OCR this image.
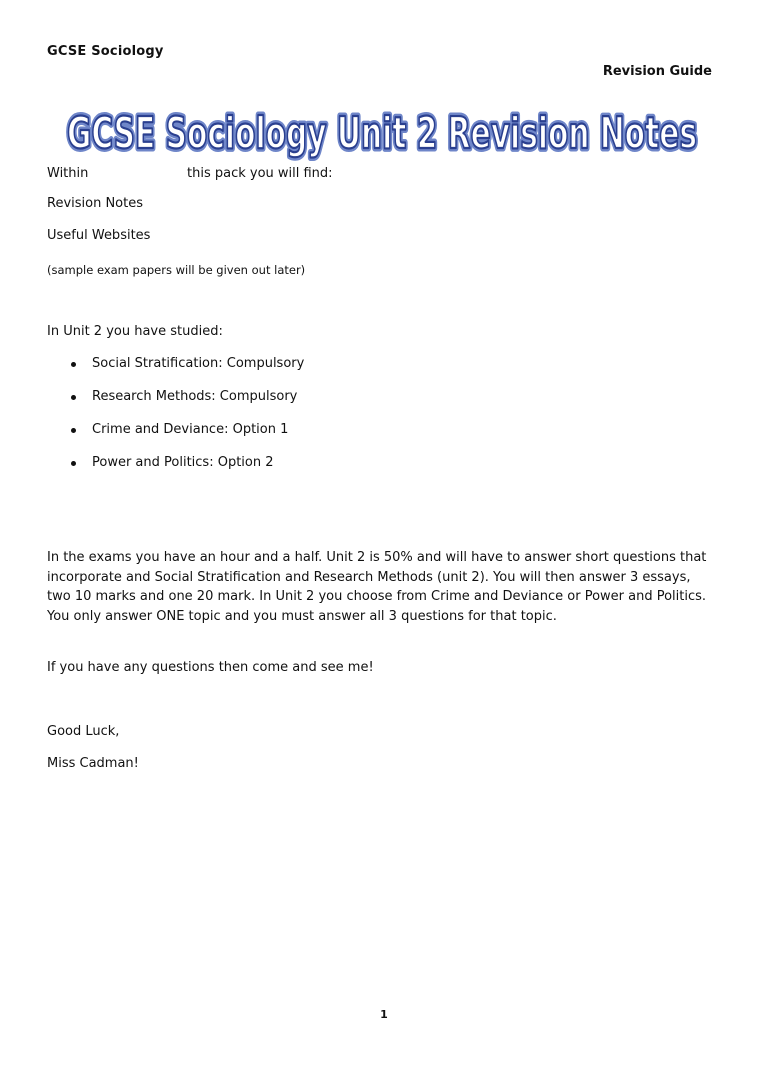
GCSE Sociology
Revision Guide
GCSE Sociology Unit 2 Revision Notes
GCSE Sociology Unit 2 Revision Notes
Within	this pack you will find:
Revision Notes
Useful Websites
(sample exam papers will be given out later)
In Unit 2 you have studied:
Social Stratification: Compulsory
Research Methods: Compulsory
Crime and Deviance: Option 1
Power and Politics: Option 2
In the exams you have an hour and a half. Unit 2 is 50% and will have to answer short questions that incorporate and Social Stratification and Research Methods (unit 2). You will then answer 3 essays, two 10 marks and one 20 mark. In Unit 2 you choose from Crime and Deviance or Power and Politics. You only answer ONE topic and you must answer all 3 questions for that topic.
If you have any questions then come and see me!
Good Luck,
Miss Cadman!
1
